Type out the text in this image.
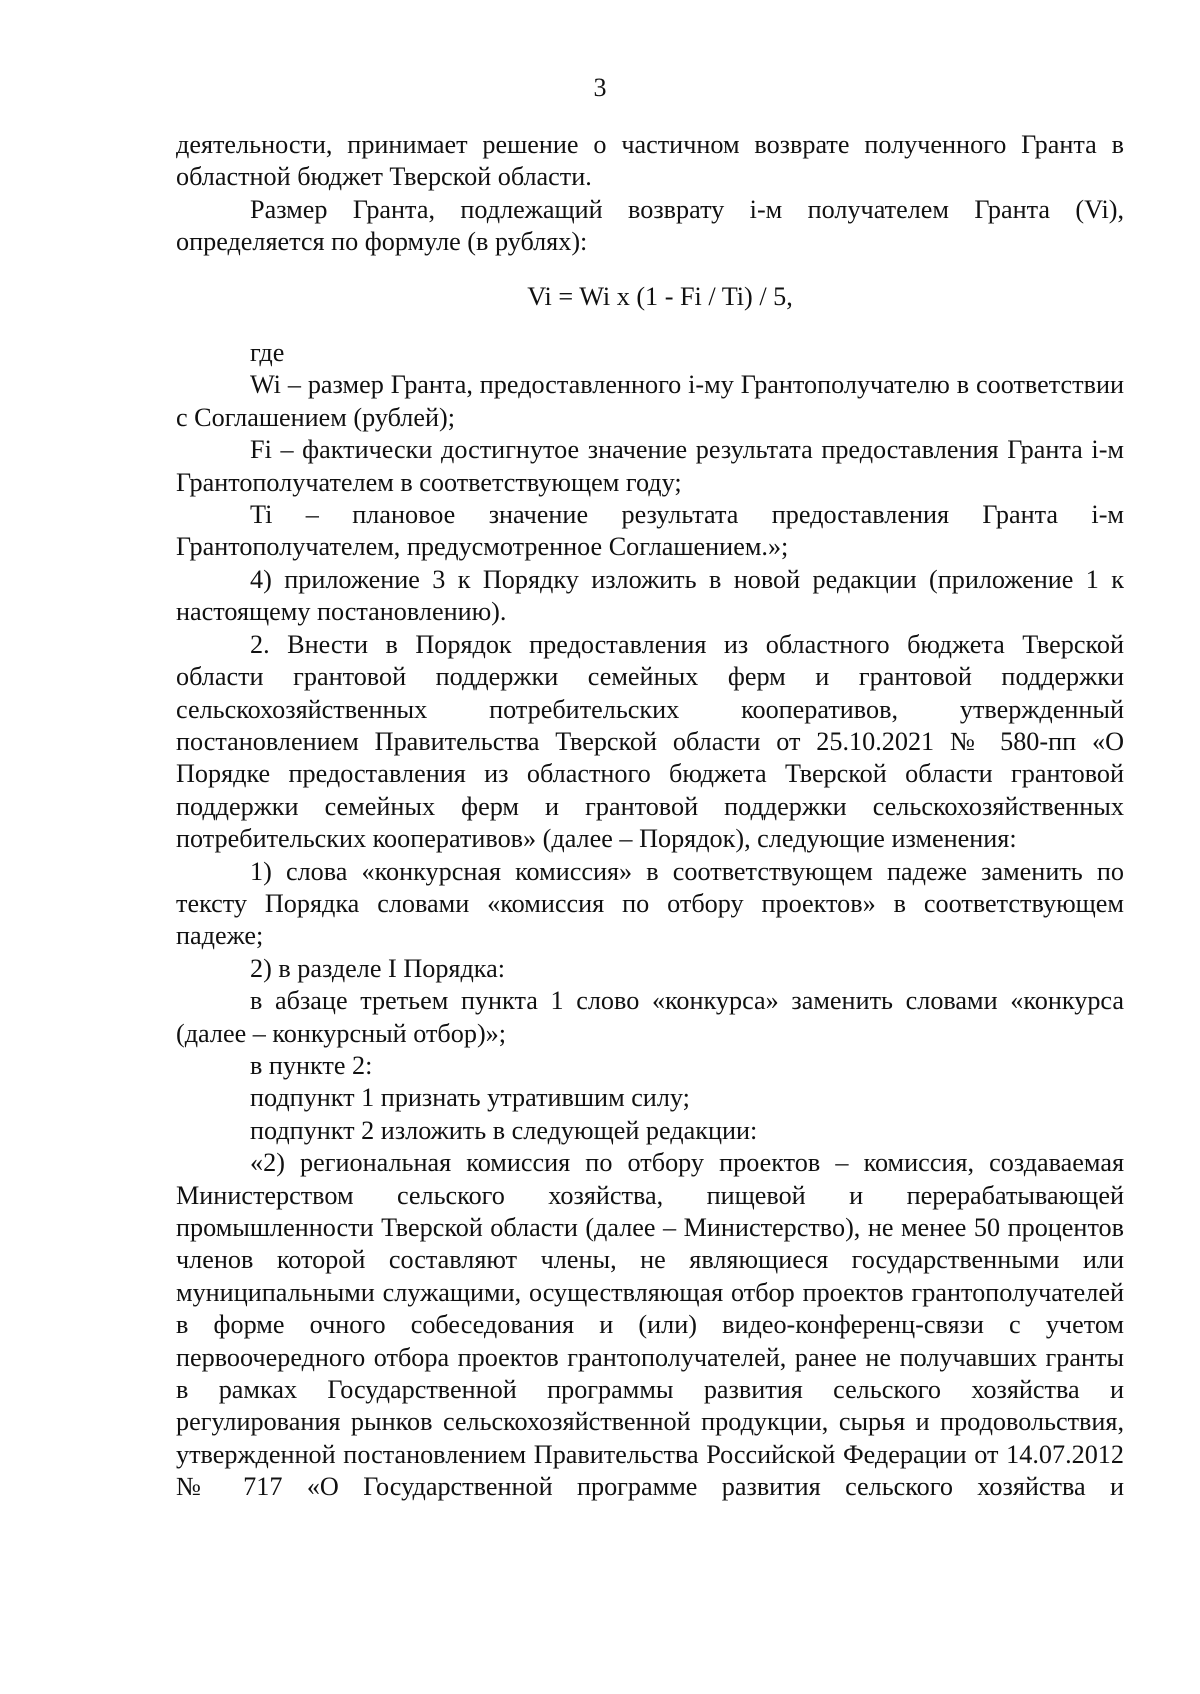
3

деятельности, принимает решение о частичном возврате полученного Гранта в областной бюджет Тверской области.

Размер Гранта, подлежащий возврату i-м получателем Гранта (Vi), определяется по формуле (в рублях):

Vi = Wi x (1 - Fi / Ti) / 5,

где

Wi – размер Гранта, предоставленного i-му Грантополучателю в соответствии с Соглашением (рублей);

Fi – фактически достигнутое значение результата предоставления Гранта i-м Грантополучателем в соответствующем году;

Ti – плановое значение результата предоставления Гранта i-м Грантополучателем, предусмотренное Соглашением.»;

4) приложение 3 к Порядку изложить в новой редакции (приложение 1 к настоящему постановлению).

2. Внести в Порядок предоставления из областного бюджета Тверской области грантовой поддержки семейных ферм и грантовой поддержки сельскохозяйственных потребительских кооперативов, утвержденный постановлением Правительства Тверской области от 25.10.2021 № 580-пп «О Порядке предоставления из областного бюджета Тверской области грантовой поддержки семейных ферм и грантовой поддержки сельскохозяйственных потребительских кооперативов» (далее – Порядок), следующие изменения:

1) слова «конкурсная комиссия» в соответствующем падеже заменить по тексту Порядка словами «комиссия по отбору проектов» в соответствующем падеже;

2) в разделе I Порядка:

в абзаце третьем пункта 1 слово «конкурса» заменить словами «конкурса (далее – конкурсный отбор)»;

в пункте 2:

подпункт 1 признать утратившим силу;

подпункт 2 изложить в следующей редакции:

«2) региональная комиссия по отбору проектов – комиссия, создаваемая Министерством сельского хозяйства, пищевой и перерабатывающей промышленности Тверской области (далее – Министерство), не менее 50 процентов членов которой составляют члены, не являющиеся государственными или муниципальными служащими, осуществляющая отбор проектов грантополучателей в форме очного собеседования и (или) видео-конференц-связи с учетом первоочередного отбора проектов грантополучателей, ранее не получавших гранты в рамках Государственной программы развития сельского хозяйства и регулирования рынков сельскохозяйственной продукции, сырья и продовольствия, утвержденной постановлением Правительства Российской Федерации от 14.07.2012 № 717 «О Государственной программе развития сельского хозяйства и
